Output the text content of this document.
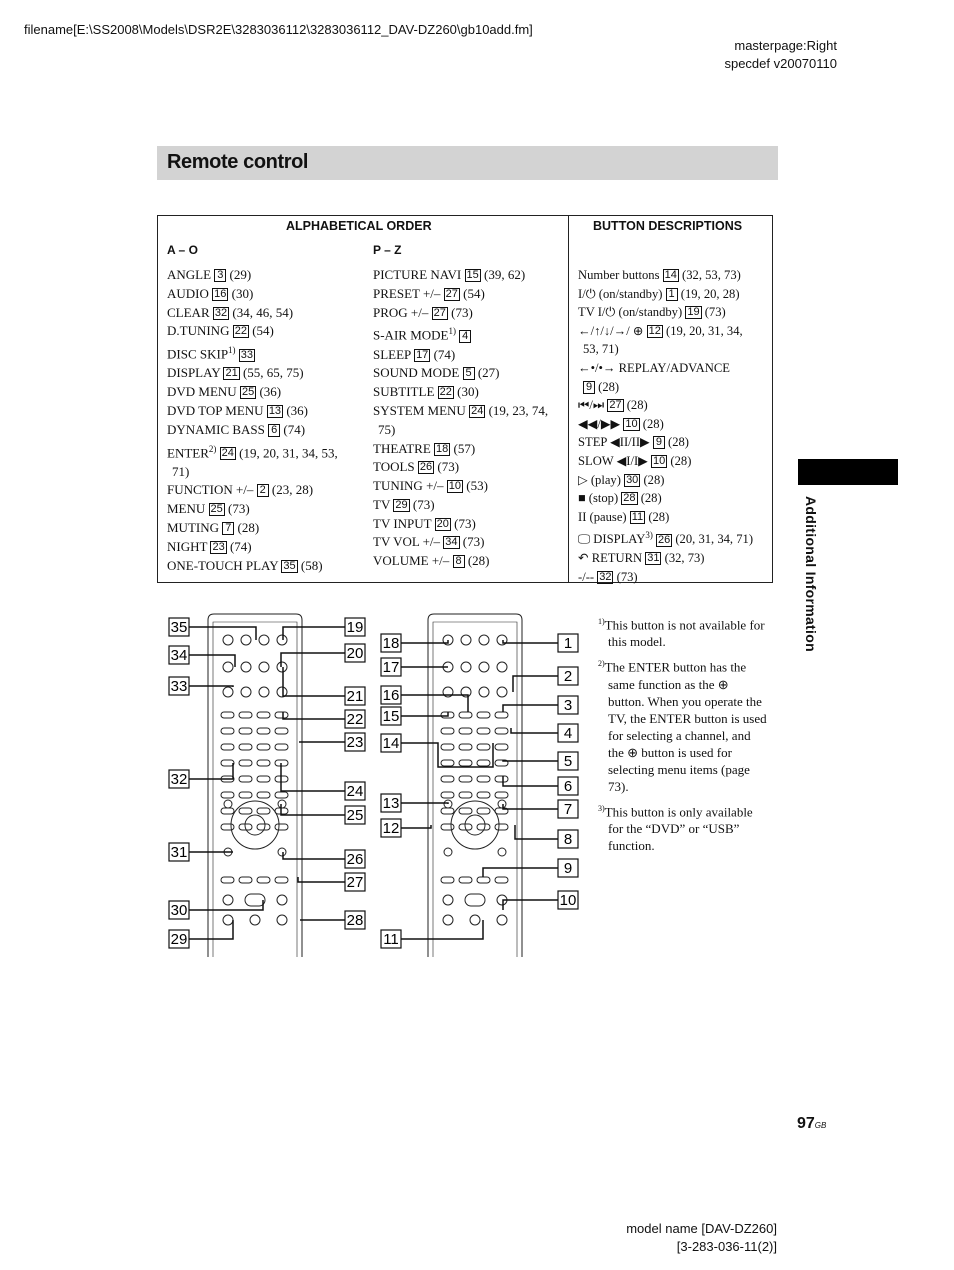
filename[E:\SS2008\Models\DSR2E\3283036112\3283036112_DAV-DZ260\gb10add.fm]
masterpage:Right
specdef v20070110
Remote control
ALPHABETICAL ORDER	BUTTON DESCRIPTIONS
A – O	P – Z
ANGLE 3 (29)
AUDIO 16 (30)
CLEAR 32 (34, 46, 54)
D.TUNING 22 (54)
DISC SKIP$^{1)}$ 33
DISPLAY 21 (55, 65, 75)
DVD MENU 25 (36)
DVD TOP MENU 13 (36)
DYNAMIC BASS 6 (74)
ENTER$^{2)}$ 24 (19, 20, 31, 34, 53,
71)
FUNCTION +/– 2 (23, 28)
MENU 25 (73)
MUTING 7 (28)
NIGHT 23 (74)
ONE-TOUCH PLAY 35 (58)
PICTURE NAVI 15 (39, 62)
PRESET +/– 27 (54)
PROG +/– 27 (73)
S-AIR MODE$^{1)}$ 4
SLEEP 17 (74)
SOUND MODE 5 (27)
SUBTITLE 22 (30)
SYSTEM MENU 24 (19, 23, 74,
75)
THEATRE 18 (57)
TOOLS 26 (73)
TUNING +/– 10 (53)
TV 29 (73)
TV INPUT 20 (73)
TV VOL +/– 34 (73)
VOLUME +/– 8 (28)
Number buttons 14 (32, 53, 73)
I/⏻ (on/standby) 1 (19, 20, 28)
TV I/⏻ (on/standby) 19 (73)
←/↑/↓/→/ ⊕ 12 (19, 20, 31, 34,
53, 71)
←•/•→ REPLAY/ADVANCE
9 (28)
⏮/⏭ 27 (28)
◀◀/▶▶ 10 (28)
STEP ◀II/II▶ 9 (28)
SLOW ◀I/I▶ 10 (28)
▷ (play) 30 (28)
■ (stop) 28 (28)
II (pause) 11 (28)
🖵 DISPLAY$^{3)}$ 26 (20, 31, 34, 71)
↶ RETURN 31 (32, 73)
-/-- 32 (73)	Additional Information
35
34
33
32
31
30
29
19
20
21
22
23
24
25
26
27
28
18
17
16
15
14
13
12
11
1
2
3
4
5
6
7
8
9
10
$^{1)}$This button is not available for this model.
$^{2)}$The ENTER button has the same function as the ⊕ button. When you operate the TV, the ENTER button is used for selecting a channel, and the ⊕ button is used for selecting menu items (page 73).
$^{3)}$This button is only available for the “DVD” or “USB” function.
97GB
model name [DAV-DZ260]
[3-283-036-11(2)]
